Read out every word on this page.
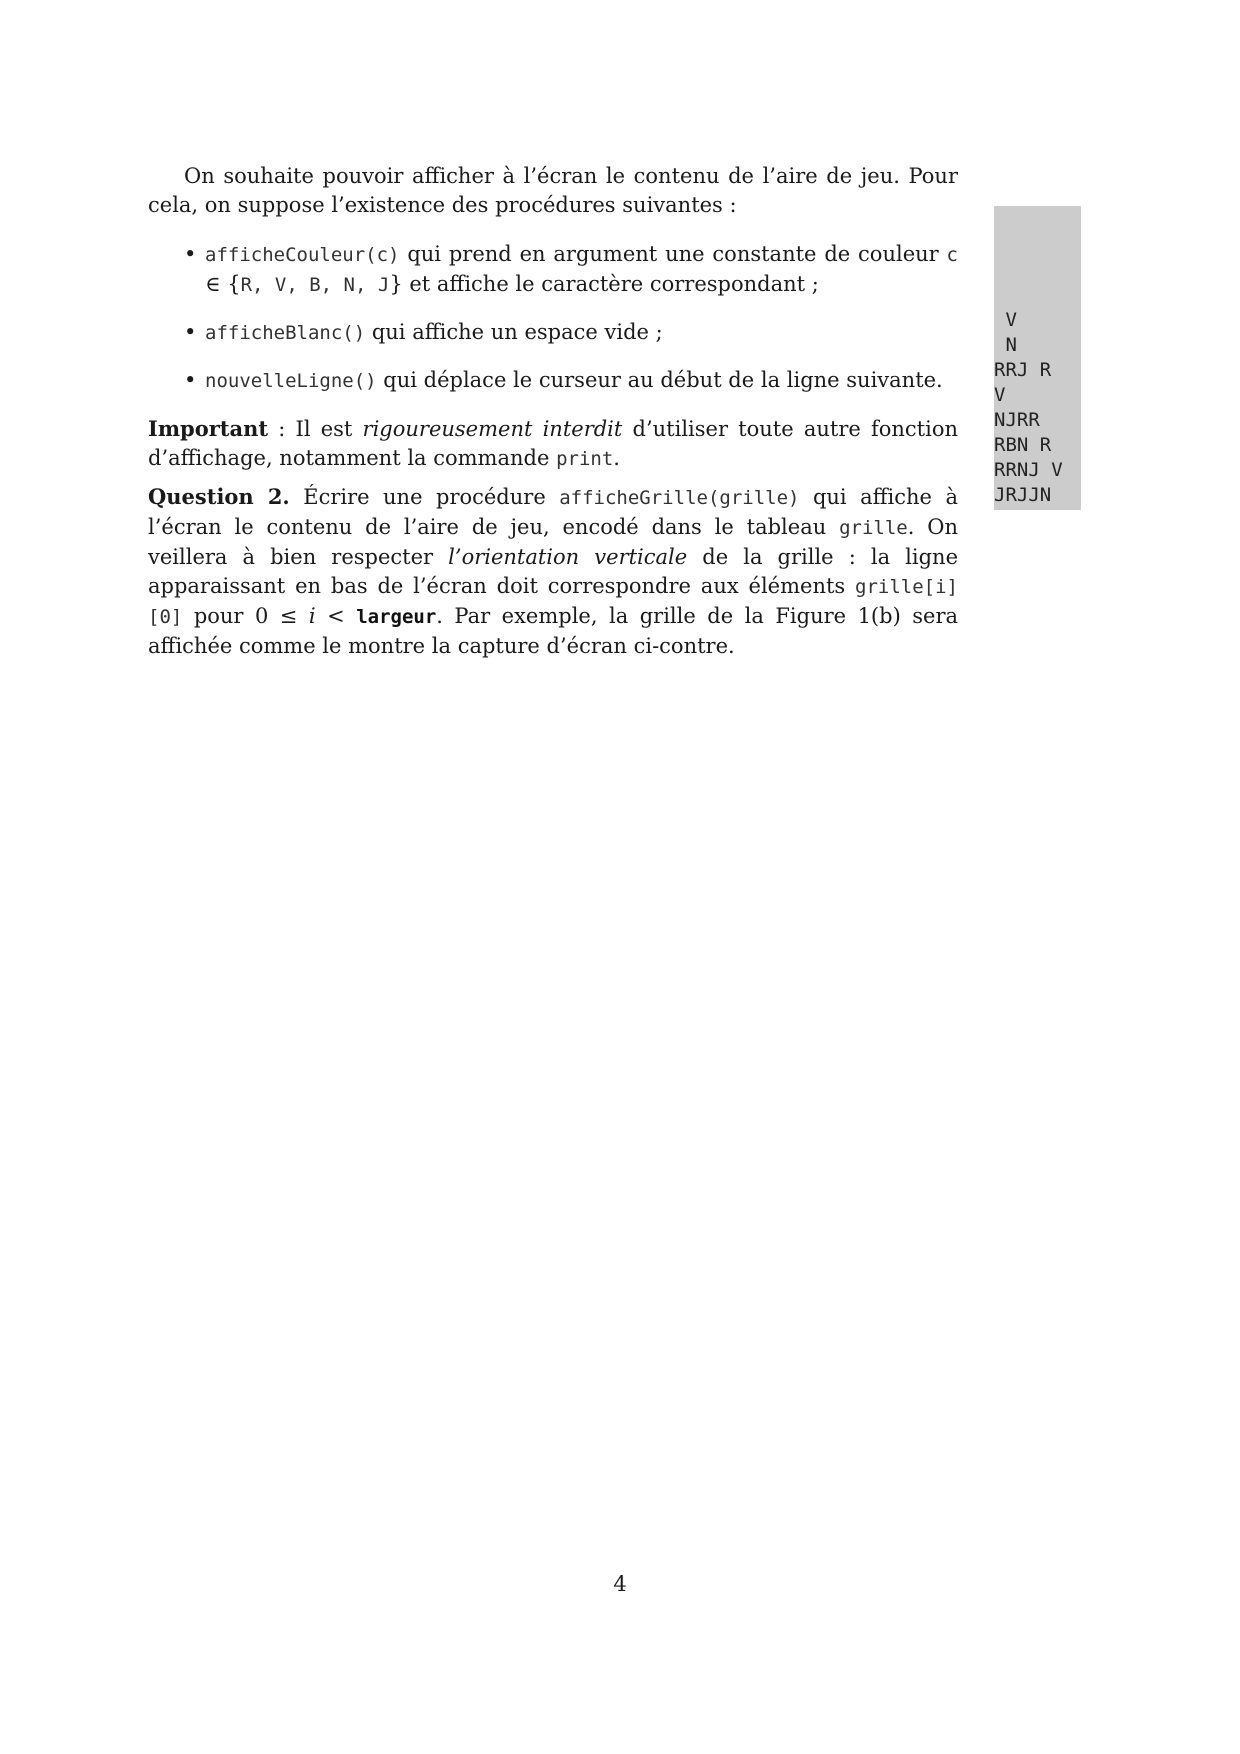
On souhaite pouvoir afficher à l’écran le contenu de l’aire de jeu. Pour cela, on suppose l’existence des procédures suivantes :

• afficheCouleur(c) qui prend en argument une constante de couleur c ∈ {R, V, B, N, J} et affiche le caractère correspondant ;
• afficheBlanc() qui affiche un espace vide ;
• nouvelleLigne() qui déplace le curseur au début de la ligne suivante.

Important : Il est rigoureusement interdit d’utiliser toute autre fonction d’affichage, notamment la commande print.

Question 2. Écrire une procédure afficheGrille(grille) qui affiche à l’écran le contenu de l’aire de jeu, encodé dans le tableau grille. On veillera à bien respecter l’orientation verticale de la grille : la ligne apparaissant en bas de l’écran doit correspondre aux éléments grille[i][0] pour 0 ≤ i < largeur. Par exemple, la grille de la Figure 1(b) sera affichée comme le montre la capture d’écran ci-contre.

V
N
RRJ R
V
NJRR
RBN R
RRNJ V
JRJJN
4
